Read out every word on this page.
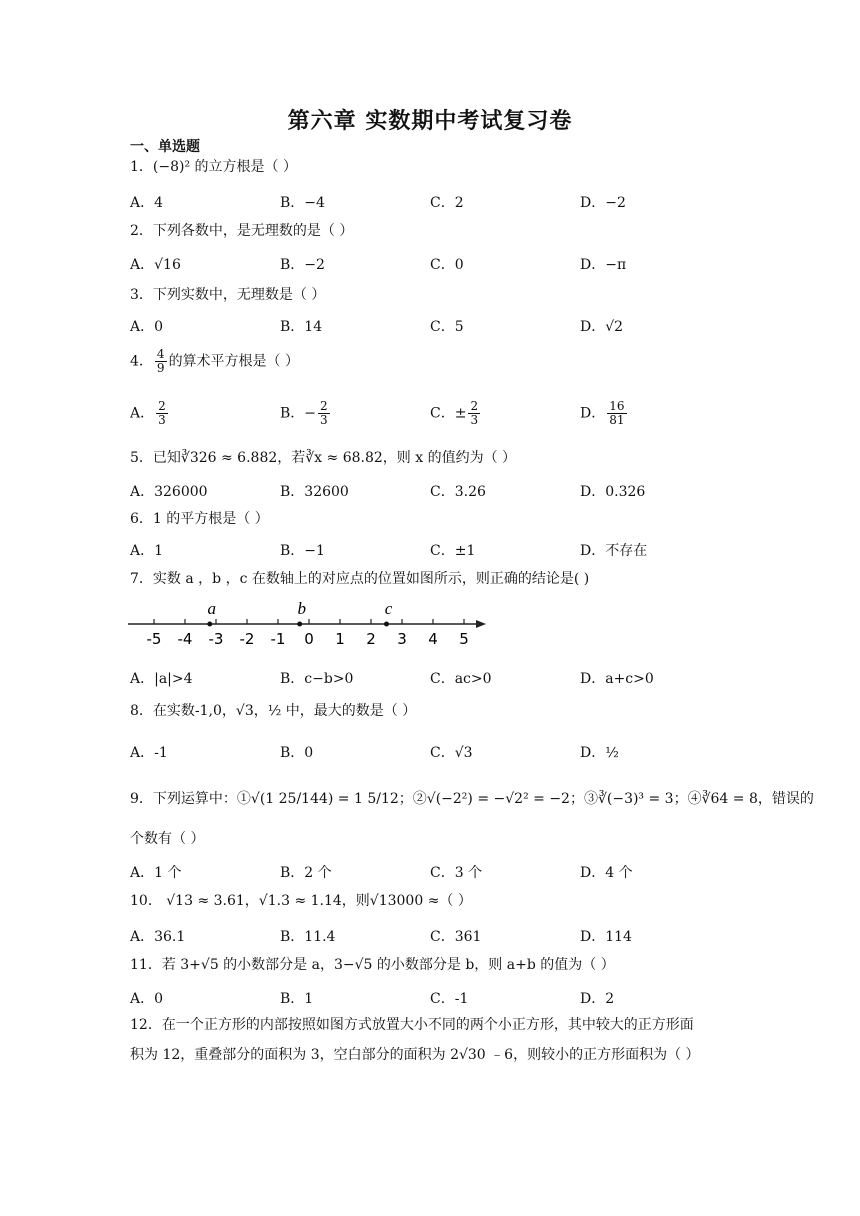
第六章 实数期中考试复习卷
一、单选题
1．(−8)² 的立方根是（ ）
A．4	B．−4	C．2	D．−2
2．下列各数中，是无理数的是（ ）
A．√16	B．−2	C．0	D．−π
3．下列实数中，无理数是（ ）
A．0	B．14	C．5	D．√2
4． $\frac{4}{9}$ 的算术平方根是（ ）
A． $\frac{2}{3}$	B．− $\frac{2}{3}$	C．± $\frac{2}{3}$	D． $\frac{16}{81}$
5．已知∛326 ≈ 6.882，若∛x ≈ 68.82，则 x 的值约为（ ）
A．326000	B．32600	C．3.26	D．0.326
6．1 的平方根是（ ）
A．1	B．−1	C．±1	D．不存在
7．实数 a ，b ，c 在数轴上的对应点的位置如图所示，则正确的结论是( )
-5 -4 -3 -2 -1 0 1 2 3 4 5
a	b	c
A．|a|>4	B．c−b>0	C．ac>0	D．a+c>0
8．在实数-1,0，√3，½ 中，最大的数是（ ）
A．-1	B．0	C．√3	D．½
9．下列运算中：①√(1 25/144) = 1 5/12；②√(−2²) = −√2² = −2；③∛(−3)³ = 3；④∛64 = 8，错误的
个数有（ ）
A．1 个	B．2 个	C．3 个	D．4 个
10． √13 ≈ 3.61，√1.3 ≈ 1.14，则√13000 ≈（ ）
A．36.1	B．11.4	C．361	D．114
11．若 3+√5 的小数部分是 a，3−√5 的小数部分是 b，则 a+b 的值为（ ）
A．0	B．1	C．-1	D．2
12．在一个正方形的内部按照如图方式放置大小不同的两个小正方形，其中较大的正方形面
积为 12，重叠部分的面积为 3，空白部分的面积为 2√30 ﹣6，则较小的正方形面积为（ ）
